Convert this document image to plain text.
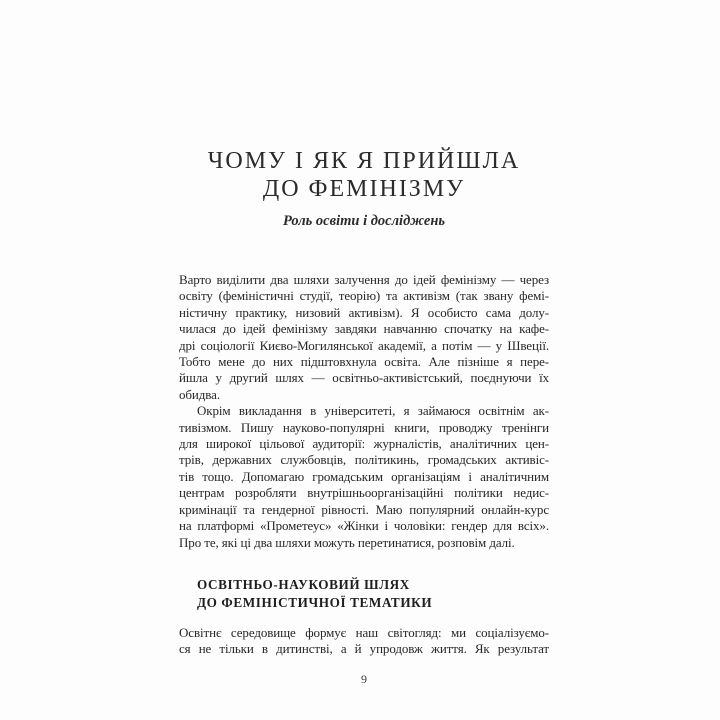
ЧОМУ І ЯК Я ПРИЙШЛА
ДО ФЕМІНІЗМУ
Роль освіти і досліджень
Варто виділити два шляхи залучення до ідей фемінізму — через
освіту (феміністичні студії, теорію) та активізм (так звану фемі-
ністичну практику, низовий активізм). Я особисто сама долу-
чилася до ідей фемінізму завдяки навчанню спочатку на кафе-
дрі соціології Києво-Могилянської академії, а потім — у Швеції.
Тобто мене до них підштовхнула освіта. Але пізніше я пере-
йшла у другий шлях — освітньо-активістський, поєднуючи їх
обидва.
Окрім викладання в університеті, я займаюся освітнім ак-
тивізмом. Пишу науково-популярні книги, проводжу тренінги
для широкої цільової аудиторії: журналістів, аналітичних цен-
трів, державних службовців, політикинь, громадських активіс-
тів тощо. Допомагаю громадським організаціям і аналітичним
центрам розробляти внутрішньоорганізаційні політики недис-
кримінації та гендерної рівності. Маю популярний онлайн-курс
на платформі «Прометеус» «Жінки і чоловіки: гендер для всіх».
Про те, які ці два шляхи можуть перетинатися, розповім далі.
ОСВІТНЬО-НАУКОВИЙ ШЛЯХ
ДО ФЕМІНІСТИЧНОЇ ТЕМАТИКИ
Освітнє середовище формує наш світогляд: ми соціалізуємо-
ся не тільки в дитинстві, а й упродовж життя. Як результат
9
